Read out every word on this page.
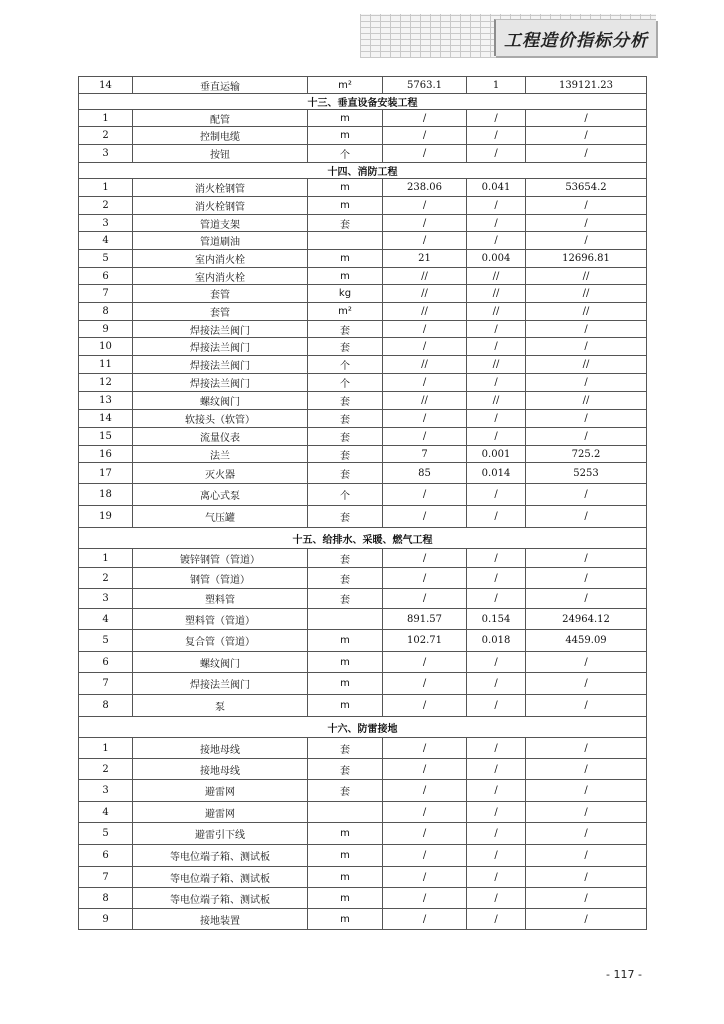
工程造价指标分析
14	垂直运输	m²	5763.1	1	139121.23
十三、垂直设备安装工程					
1	配管	m	/	/	/
2	控制电缆	m	/	/	/
3	按钮	个	/	/	/
十四、消防工程					
1	消火栓钢管	m	238.06	0.041	53654.2
2	消火栓钢管	m	/	/	/
3	管道支架	套	/	/	/
4	管道刷油		/	/	/
5	室内消火栓	m	21	0.004	12696.81
6	室内消火栓	m	//	//	//
7	套管	kg	//	//	//
8	套管	m²	//	//	//
9	焊接法兰阀门	套	/	/	/
10	焊接法兰阀门	套	/	/	/
11	焊接法兰阀门	个	//	//	//
12	焊接法兰阀门	个	/	/	/
13	螺纹阀门	套	//	//	//
14	软接头（软管）	套	/	/	/
15	流量仪表	套	/	/	/
16	法兰	套	7	0.001	725.2
17	灭火器	套	85	0.014	5253
18	离心式泵	个	/	/	/
19	气压罐	套	/	/	/
十五、给排水、采暖、燃气工程					
1	镀锌钢管（管道）	套	/	/	/
2	钢管（管道）	套	/	/	/
3	塑料管	套	/	/	/
4	塑料管（管道）		891.57	0.154	24964.12
5	复合管（管道）	m	102.71	0.018	4459.09
6	螺纹阀门	m	/	/	/
7	焊接法兰阀门	m	/	/	/
8	泵	m	/	/	/
十六、防雷接地					
1	接地母线	套	/	/	/
2	接地母线	套	/	/	/
3	避雷网	套	/	/	/
4	避雷网		/	/	/
5	避雷引下线	m	/	/	/
6	等电位端子箱、测试板	m	/	/	/
7	等电位端子箱、测试板	m	/	/	/
8	等电位端子箱、测试板	m	/	/	/
9	接地装置	m	/	/	/
- 117 -
